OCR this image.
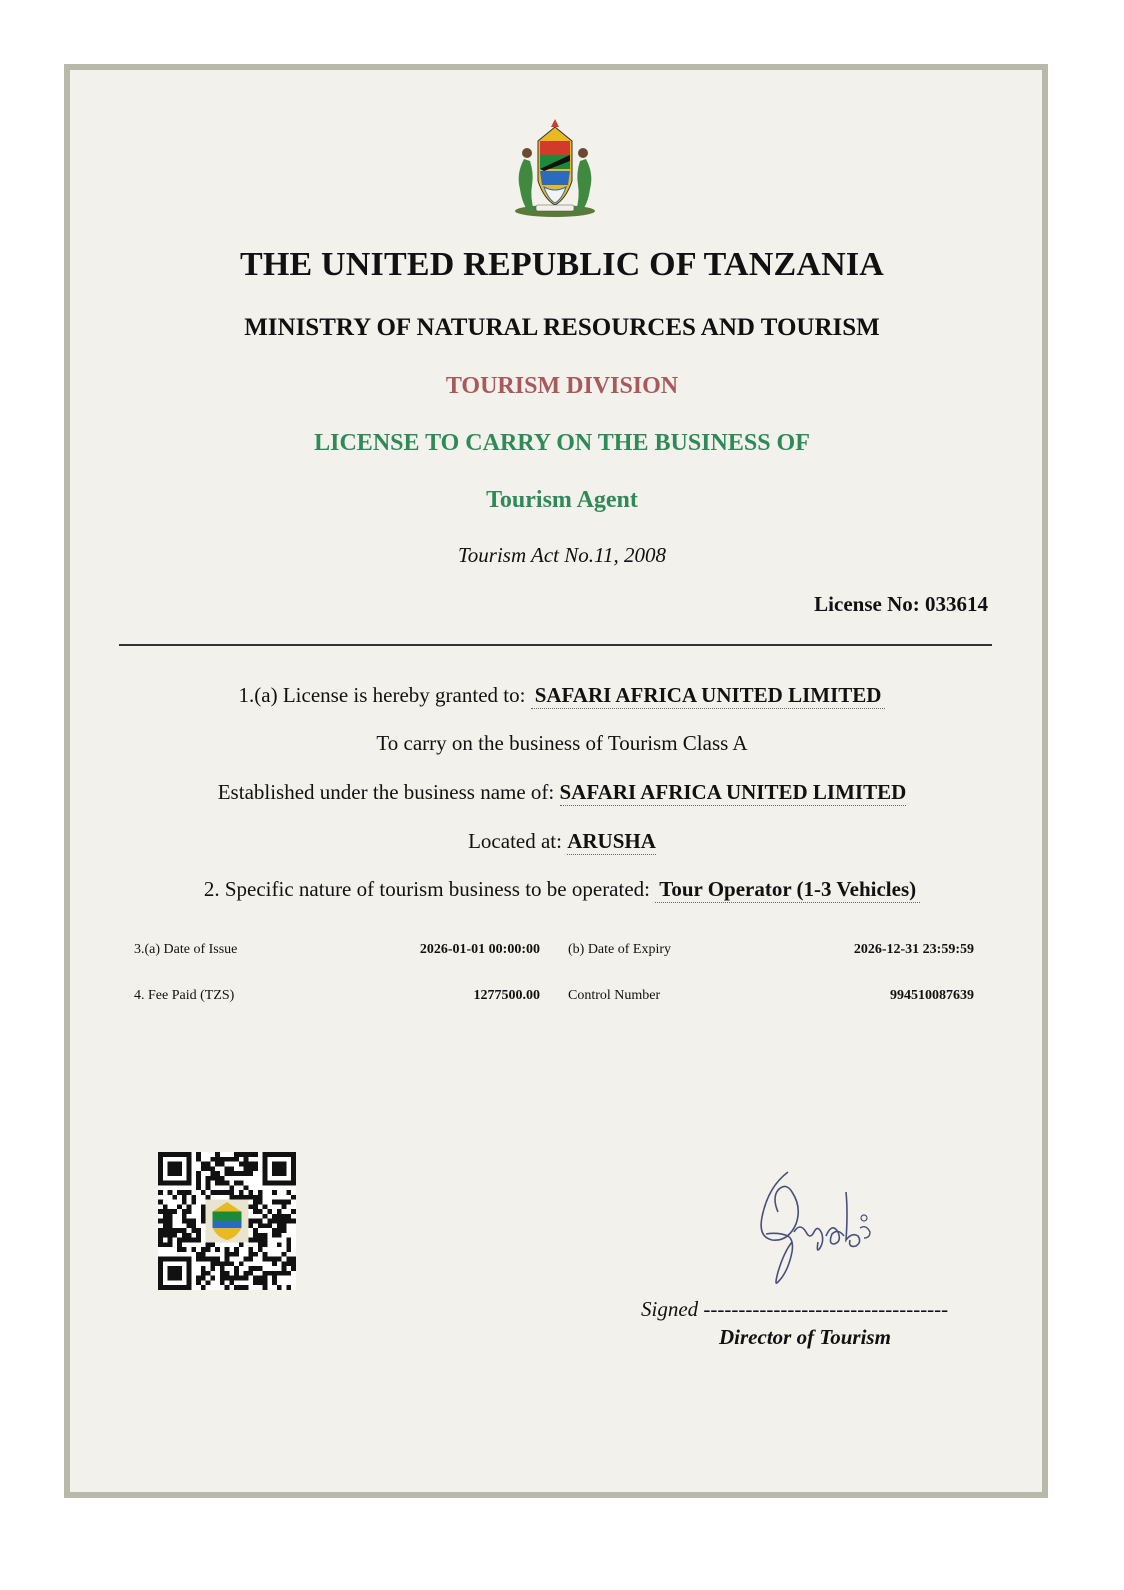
THE UNITED REPUBLIC OF TANZANIA
MINISTRY OF NATURAL RESOURCES AND TOURISM
TOURISM DIVISION
LICENSE TO CARRY ON THE BUSINESS OF
Tourism Agent
Tourism Act No.11, 2008
License No: 033614
1.(a) License is hereby granted to: SAFARI AFRICA UNITED LIMITED
To carry on the business of Tourism Class A
Established under the business name of: SAFARI AFRICA UNITED LIMITED
Located at: ARUSHA
2. Specific nature of tourism business to be operated: Tour Operator (1-3 Vehicles)
3.(a) Date of Issue	2026-01-01 00:00:00 (b) Date of Expiry	2026-12-31 23:59:59
4. Fee Paid (TZS)	1277500.00 Control Number	994510087639
Signed -----------------------------------
Director of Tourism
